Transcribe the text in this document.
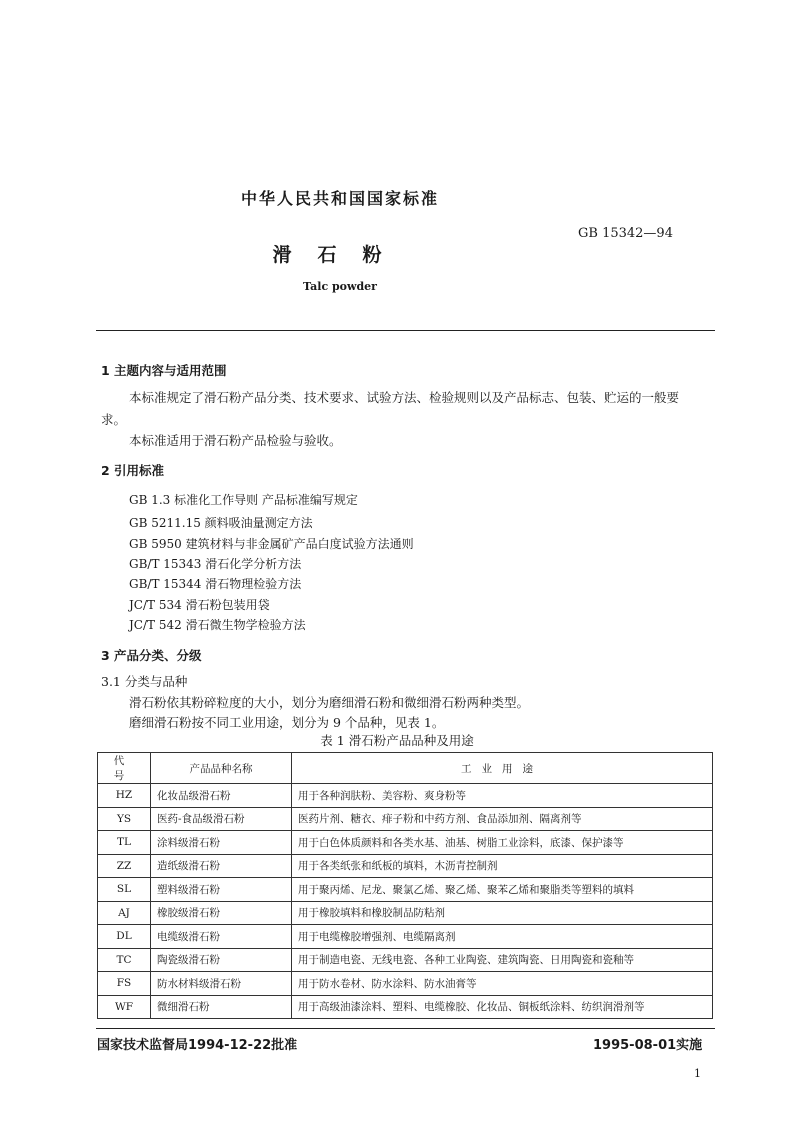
中华人民共和国国家标准
GB 15342—94
滑石粉
Talc powder
1 主题内容与适用范围
本标准规定了滑石粉产品分类、技术要求、试验方法、检验规则以及产品标志、包装、贮运的一般要
求。
本标准适用于滑石粉产品检验与验收。
2 引用标准
GB 1.3 标准化工作导则 产品标准编写规定
GB 5211.15 颜料吸油量测定方法
GB 5950 建筑材料与非金属矿产品白度试验方法通则
GB/T 15343 滑石化学分析方法
GB/T 15344 滑石物理检验方法
JC/T 534 滑石粉包装用袋
JC/T 542 滑石微生物学检验方法
3 产品分类、分级
3.1 分类与品种
滑石粉依其粉碎粒度的大小，划分为磨细滑石粉和微细滑石粉两种类型。
磨细滑石粉按不同工业用途，划分为 9 个品种，见表 1。
表 1 滑石粉产品品种及用途
代号	产品品种名称	工业用途
HZ	化妆品级滑石粉	用于各种润肤粉、美容粉、爽身粉等
YS	医药-食品级滑石粉	医药片剂、糖衣、痱子粉和中药方剂、食品添加剂、隔离剂等
TL	涂料级滑石粉	用于白色体质颜料和各类水基、油基、树脂工业涂料，底漆、保护漆等
ZZ	造纸级滑石粉	用于各类纸张和纸板的填料，木沥青控制剂
SL	塑料级滑石粉	用于聚丙烯、尼龙、聚氯乙烯、聚乙烯、聚苯乙烯和聚脂类等塑料的填料
AJ	橡胶级滑石粉	用于橡胶填料和橡胶制品防粘剂
DL	电缆级滑石粉	用于电缆橡胶增强剂、电缆隔离剂
TC	陶瓷级滑石粉	用于制造电瓷、无线电瓷、各种工业陶瓷、建筑陶瓷、日用陶瓷和瓷釉等
FS	防水材料级滑石粉	用于防水卷材、防水涂料、防水油膏等
WF	微细滑石粉	用于高级油漆涂料、塑料、电缆橡胶、化妆品、铜板纸涂料、纺织润滑剂等
国家技术监督局1994-12-22批准	1995-08-01实施
1
